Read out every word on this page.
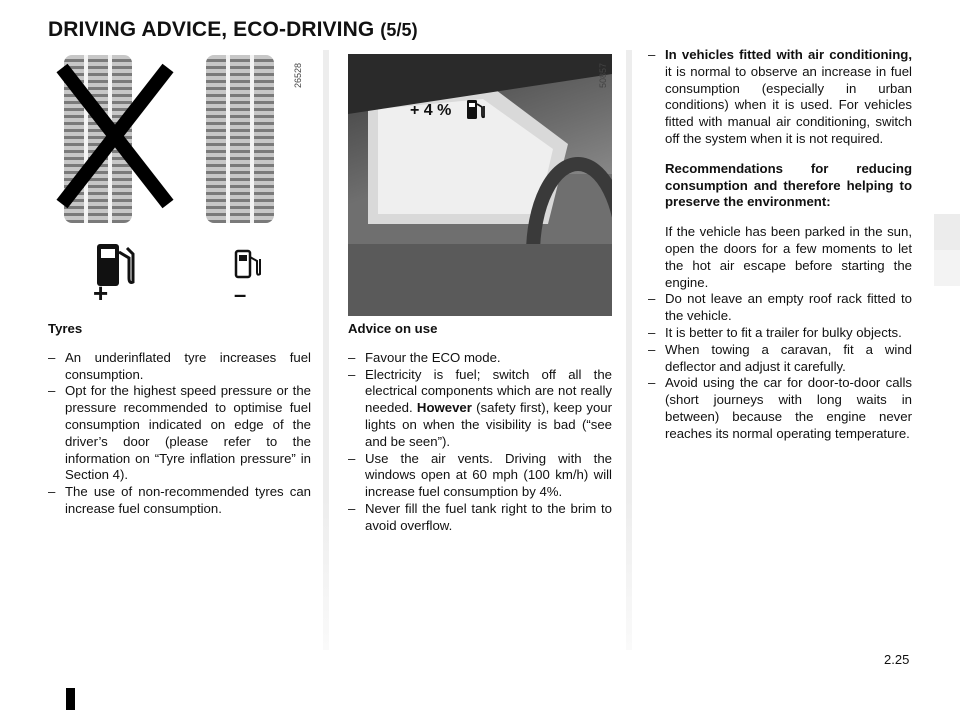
DRIVING ADVICE, ECO-DRIVING (5/5)
26528
+	–
+ 4 %
50857

Tyres

– An underinflated tyre increases fuel consumption.

– Opt for the highest speed pressure or the pressure recommended to optimise fuel consumption indicated on edge of the driver’s door (please refer to the information on “Tyre inflation pressure” in Section 4).

– The use of non-recommended tyres can increase fuel consumption.

Advice on use

– Favour the ECO mode.

– Electricity is fuel; switch off all the electrical components which are not really needed. However (safety first), keep your lights on when the visibility is bad (“see and be seen”).

– Use the air vents. Driving with the windows open at 60 mph (100 km/h) will increase fuel consumption by 4%.

– Never fill the fuel tank right to the brim to avoid overflow.

– In vehicles fitted with air conditioning, it is normal to observe an increase in fuel consumption (especially in urban conditions) when it is used. For vehicles fitted with manual air conditioning, switch off the system when it is not required.

Recommendations for reducing consumption and therefore helping to preserve the environment:

If the vehicle has been parked in the sun, open the doors for a few moments to let the hot air escape before starting the engine.

– Do not leave an empty roof rack fitted to the vehicle.

– It is better to fit a trailer for bulky objects.

– When towing a caravan, fit a wind deflector and adjust it carefully.

– Avoid using the car for door-to-door calls (short journeys with long waits in between) because the engine never reaches its normal operating temperature.

2.25
